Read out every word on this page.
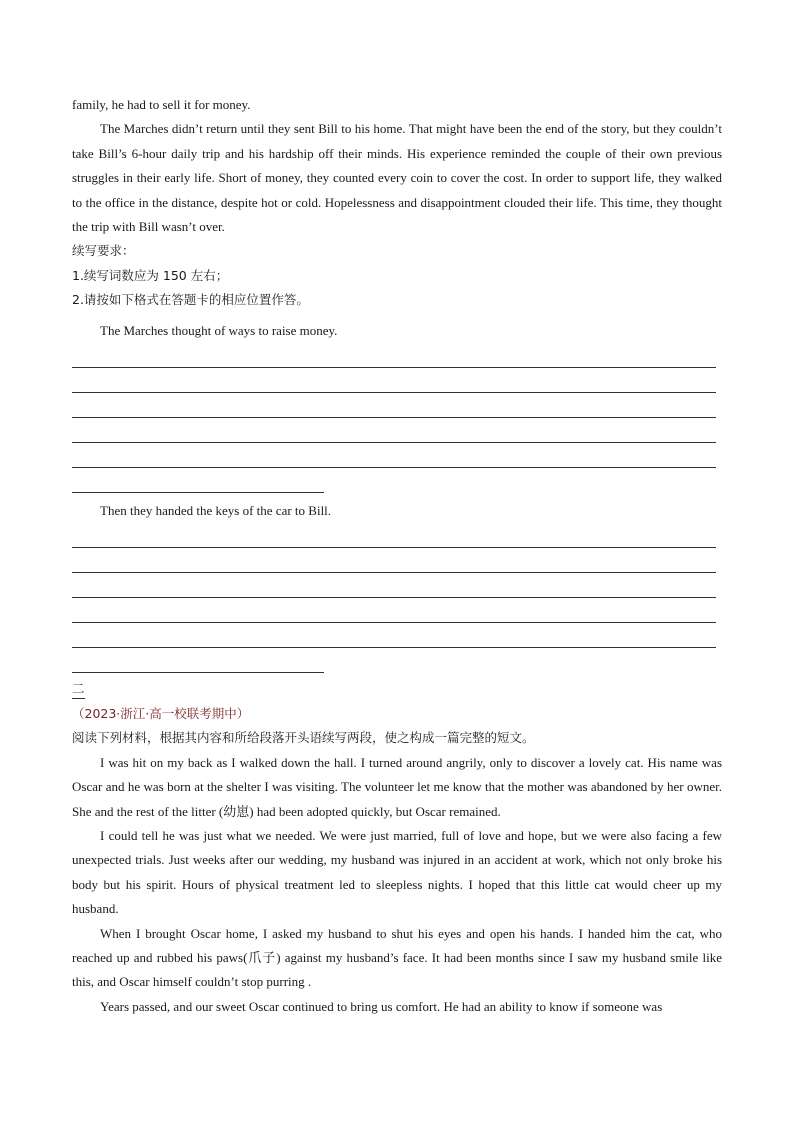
family, he had to sell it for money.

The Marches didn’t return until they sent Bill to his home. That might have been the end of the story, but they couldn’t take Bill’s 6-hour daily trip and his hardship off their minds. His experience reminded the couple of their own previous struggles in their early life. Short of money, they counted every coin to cover the cost. In order to support life, they walked to the office in the distance, despite hot or cold. Hopelessness and disappointment clouded their life. This time, they thought the trip with Bill wasn’t over.

续写要求：

1.续写词数应为 150 左右；

2.请按如下格式在答题卡的相应位置作答。

The Marches thought of ways to raise money.

Then they handed the keys of the car to Bill.

二

（2023·浙江·高一校联考期中）

阅读下列材料，根据其内容和所给段落开头语续写两段，使之构成一篇完整的短文。

I was hit on my back as I walked down the hall. I turned around angrily, only to discover a lovely cat. His name was Oscar and he was born at the shelter I was visiting. The volunteer let me know that the mother was abandoned by her owner. She and the rest of the litter (幼崽) had been adopted quickly, but Oscar remained.

I could tell he was just what we needed. We were just married, full of love and hope, but we were also facing a few unexpected trials. Just weeks after our wedding, my husband was injured in an accident at work, which not only broke his body but his spirit. Hours of physical treatment led to sleepless nights. I hoped that this little cat would cheer up my husband.

When I brought Oscar home, I asked my husband to shut his eyes and open his hands. I handed him the cat, who reached up and rubbed his paws(爪子) against my husband’s face. It had been months since I saw my husband smile like this, and Oscar himself couldn’t stop purring .

Years passed, and our sweet Oscar continued to bring us comfort. He had an ability to know if someone was
